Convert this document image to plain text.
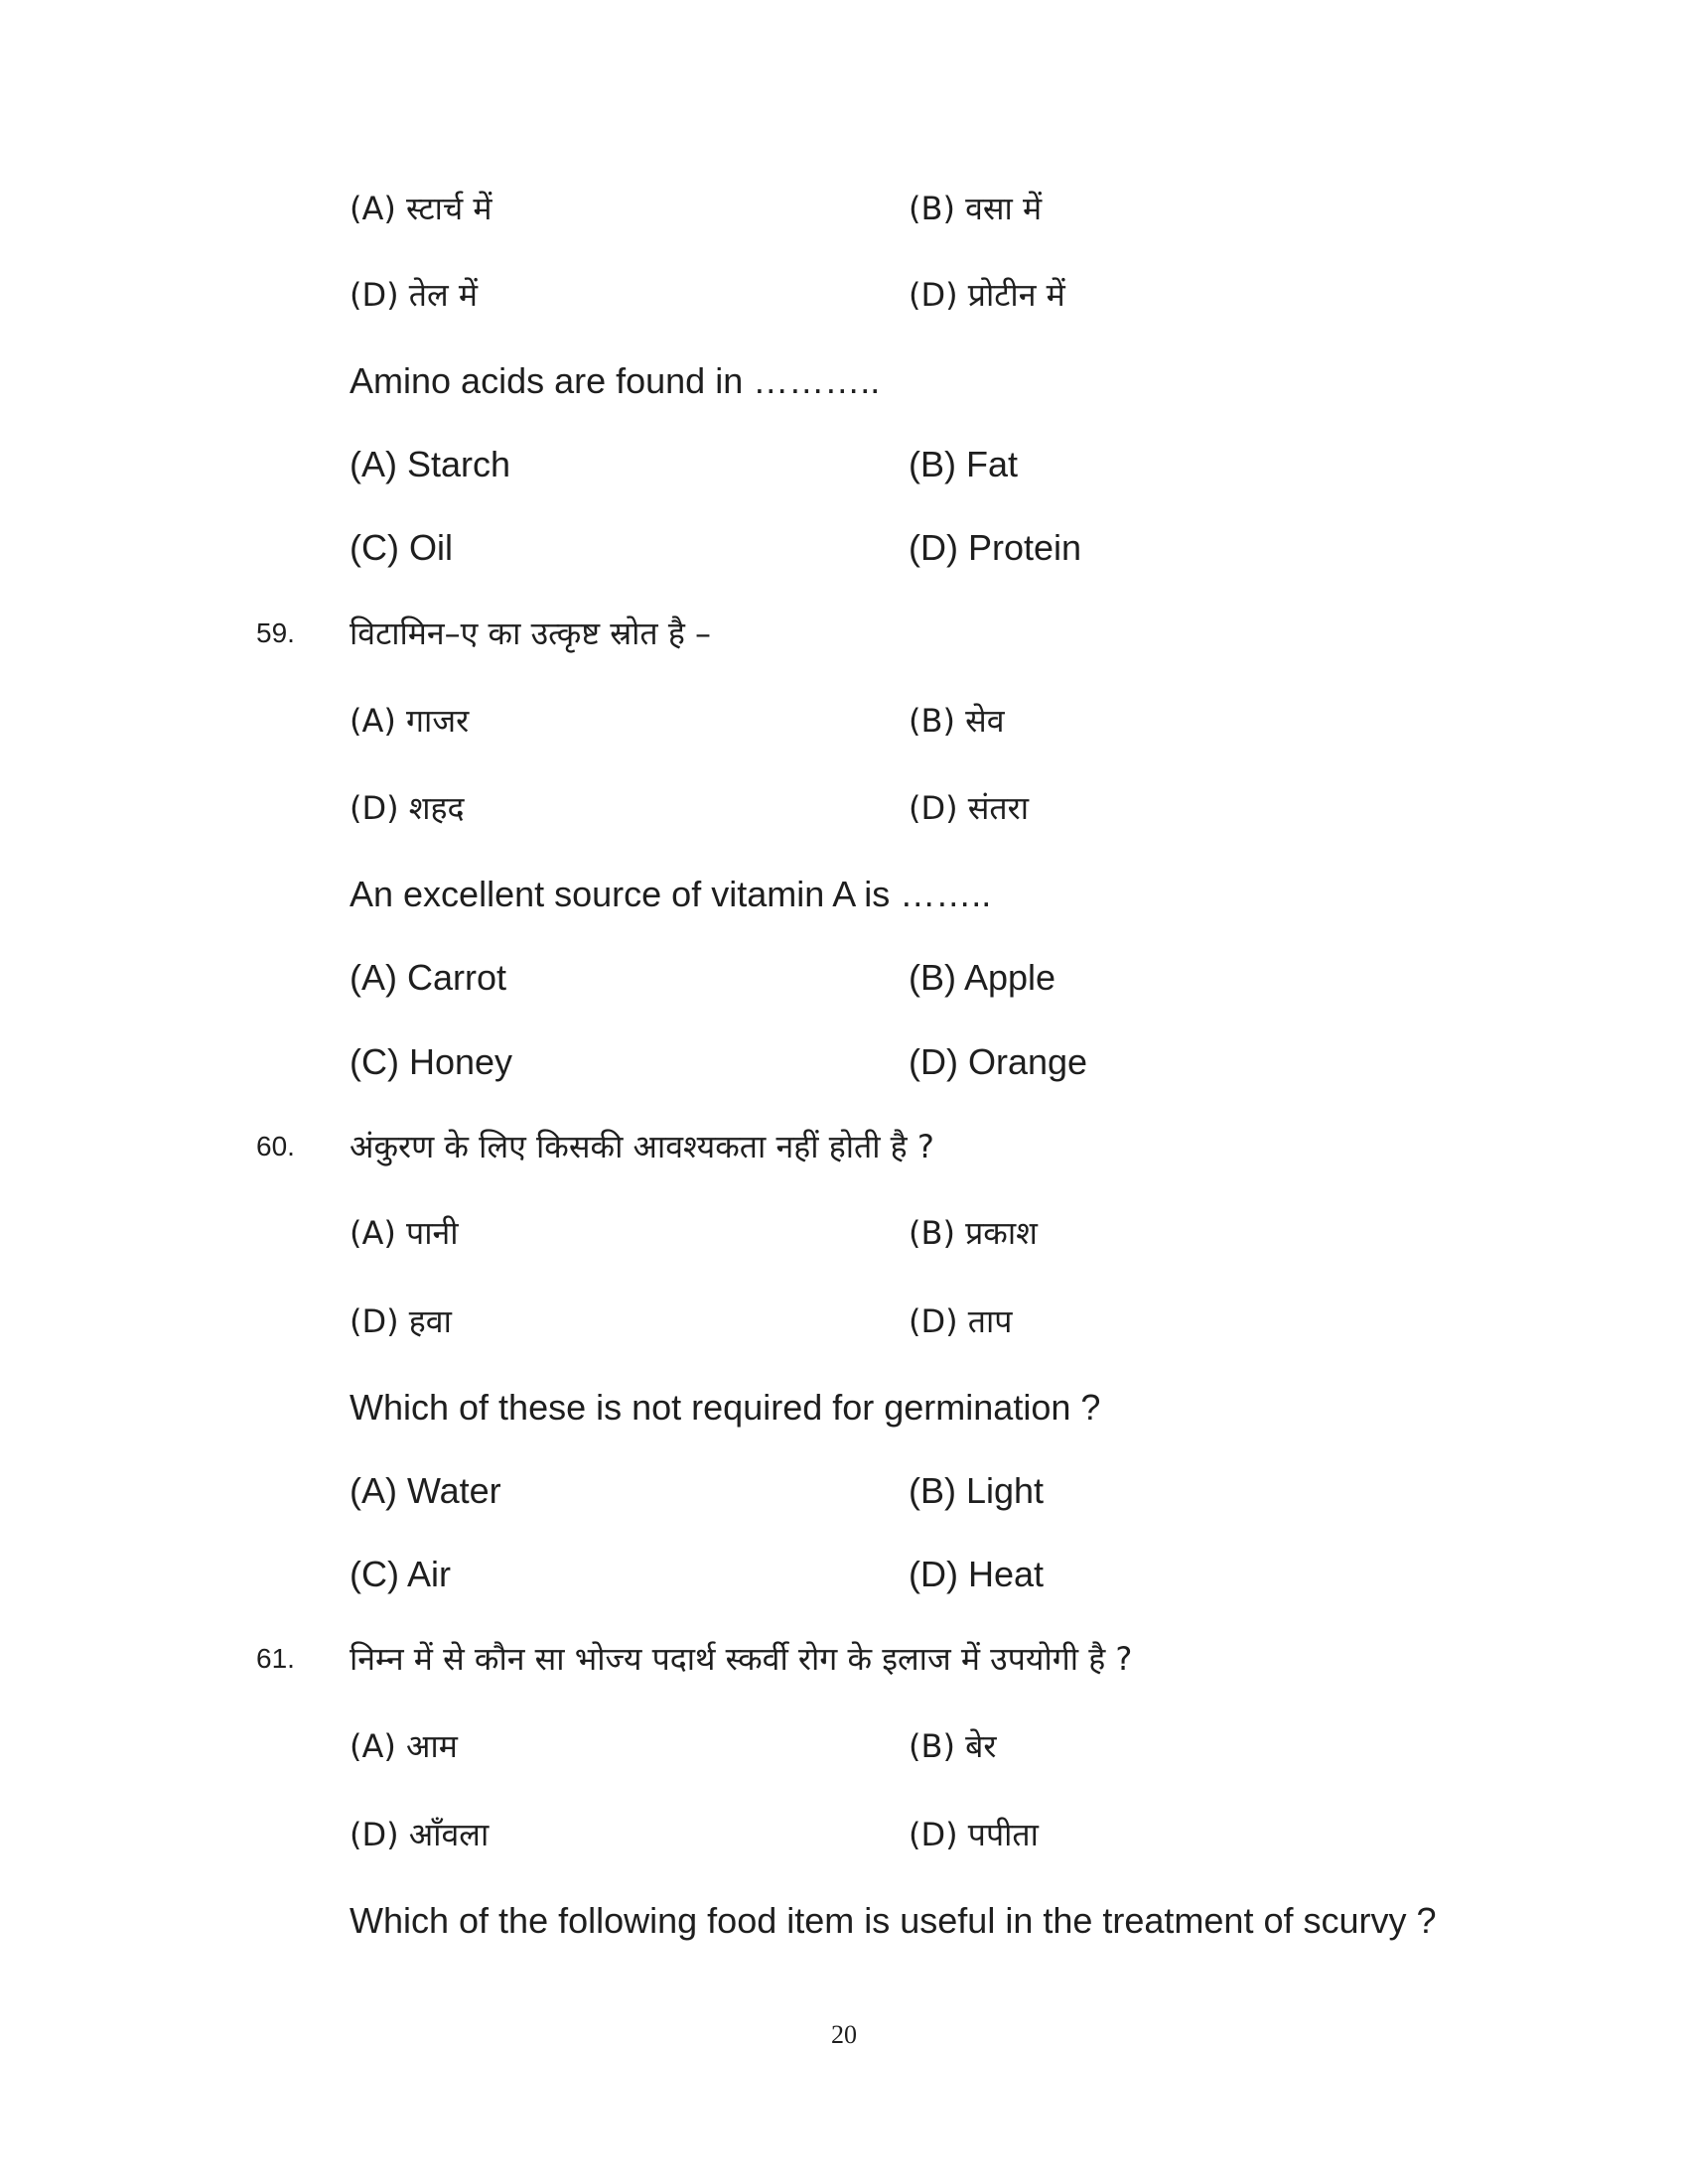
(A) स्टार्च में	(B) वसा में
(D) तेल में	(D) प्रोटीन में
Amino acids are found in ………..
(A) Starch	(B) Fat
(C) Oil	(D) Protein
59. विटामिन–ए का उत्कृष्ट स्रोत है –
(A) गाजर	(B) सेव
(D) शहद	(D) संतरा
An excellent source of vitamin A is ……..
(A) Carrot	(B) Apple
(C) Honey	(D) Orange
60. अंकुरण के लिए किसकी आवश्यकता नहीं होती है ?
(A) पानी	(B) प्रकाश
(D) हवा	(D) ताप
Which of these is not required for germination ?
(A) Water	(B) Light
(C) Air	(D) Heat
61. निम्न में से कौन सा भोज्य पदार्थ स्कर्वी रोग के इलाज में उपयोगी है ?
(A) आम	(B) बेर
(D) आँवला	(D) पपीता
Which of the following food item is useful in the treatment of scurvy ?
20
